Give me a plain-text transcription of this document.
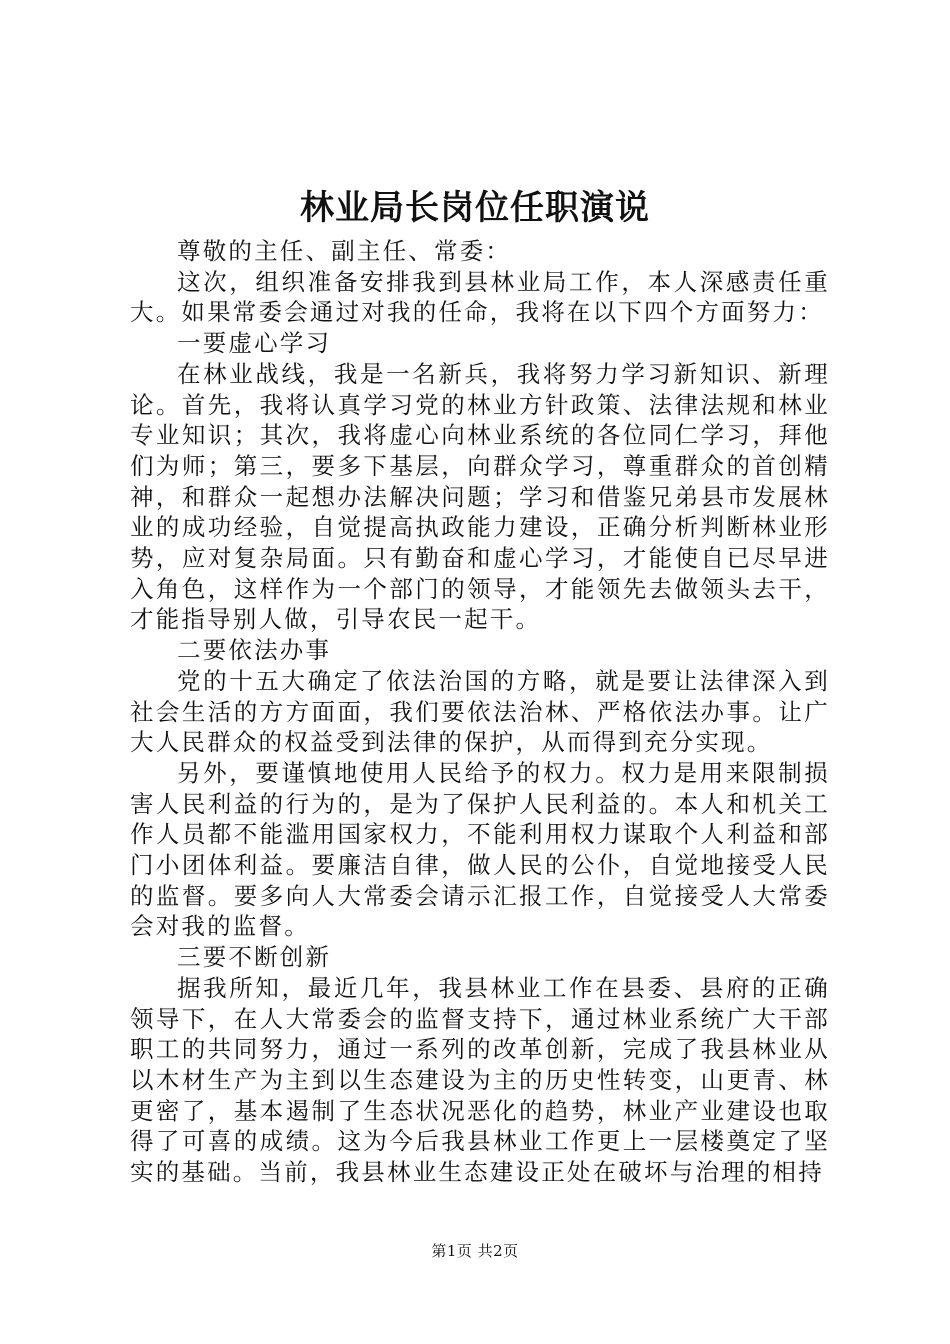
林业局长岗位任职演说

尊敬的主任、副主任、常委：

这次，组织准备安排我到县林业局工作，本人深感责任重大。如果常委会通过对我的任命，我将在以下四个方面努力：

一要虚心学习

在林业战线，我是一名新兵，我将努力学习新知识、新理论。首先，我将认真学习党的林业方针政策、法律法规和林业专业知识；其次，我将虚心向林业系统的各位同仁学习，拜他们为师；第三，要多下基层，向群众学习，尊重群众的首创精神，和群众一起想办法解决问题；学习和借鉴兄弟县市发展林业的成功经验，自觉提高执政能力建设，正确分析判断林业形势，应对复杂局面。只有勤奋和虚心学习，才能使自已尽早进入角色，这样作为一个部门的领导，才能领先去做领头去干，才能指导别人做，引导农民一起干。

二要依法办事

党的十五大确定了依法治国的方略，就是要让法律深入到社会生活的方方面面，我们要依法治林、严格依法办事。让广大人民群众的权益受到法律的保护，从而得到充分实现。

另外，要谨慎地使用人民给予的权力。权力是用来限制损害人民利益的行为的，是为了保护人民利益的。本人和机关工作人员都不能滥用国家权力，不能利用权力谋取个人利益和部门小团体利益。要廉洁自律，做人民的公仆，自觉地接受人民的监督。要多向人大常委会请示汇报工作，自觉接受人大常委会对我的监督。

三要不断创新

据我所知，最近几年，我县林业工作在县委、县府的正确领导下，在人大常委会的监督支持下，通过林业系统广大干部职工的共同努力，通过一系列的改革创新，完成了我县林业从以木材生产为主到以生态建设为主的历史性转变，山更青、林更密了，基本遏制了生态状况恶化的趋势，林业产业建设也取得了可喜的成绩。这为今后我县林业工作更上一层楼奠定了坚实的基础。当前，我县林业生态建设正处在破坏与治理的相持

第1页 共2页
